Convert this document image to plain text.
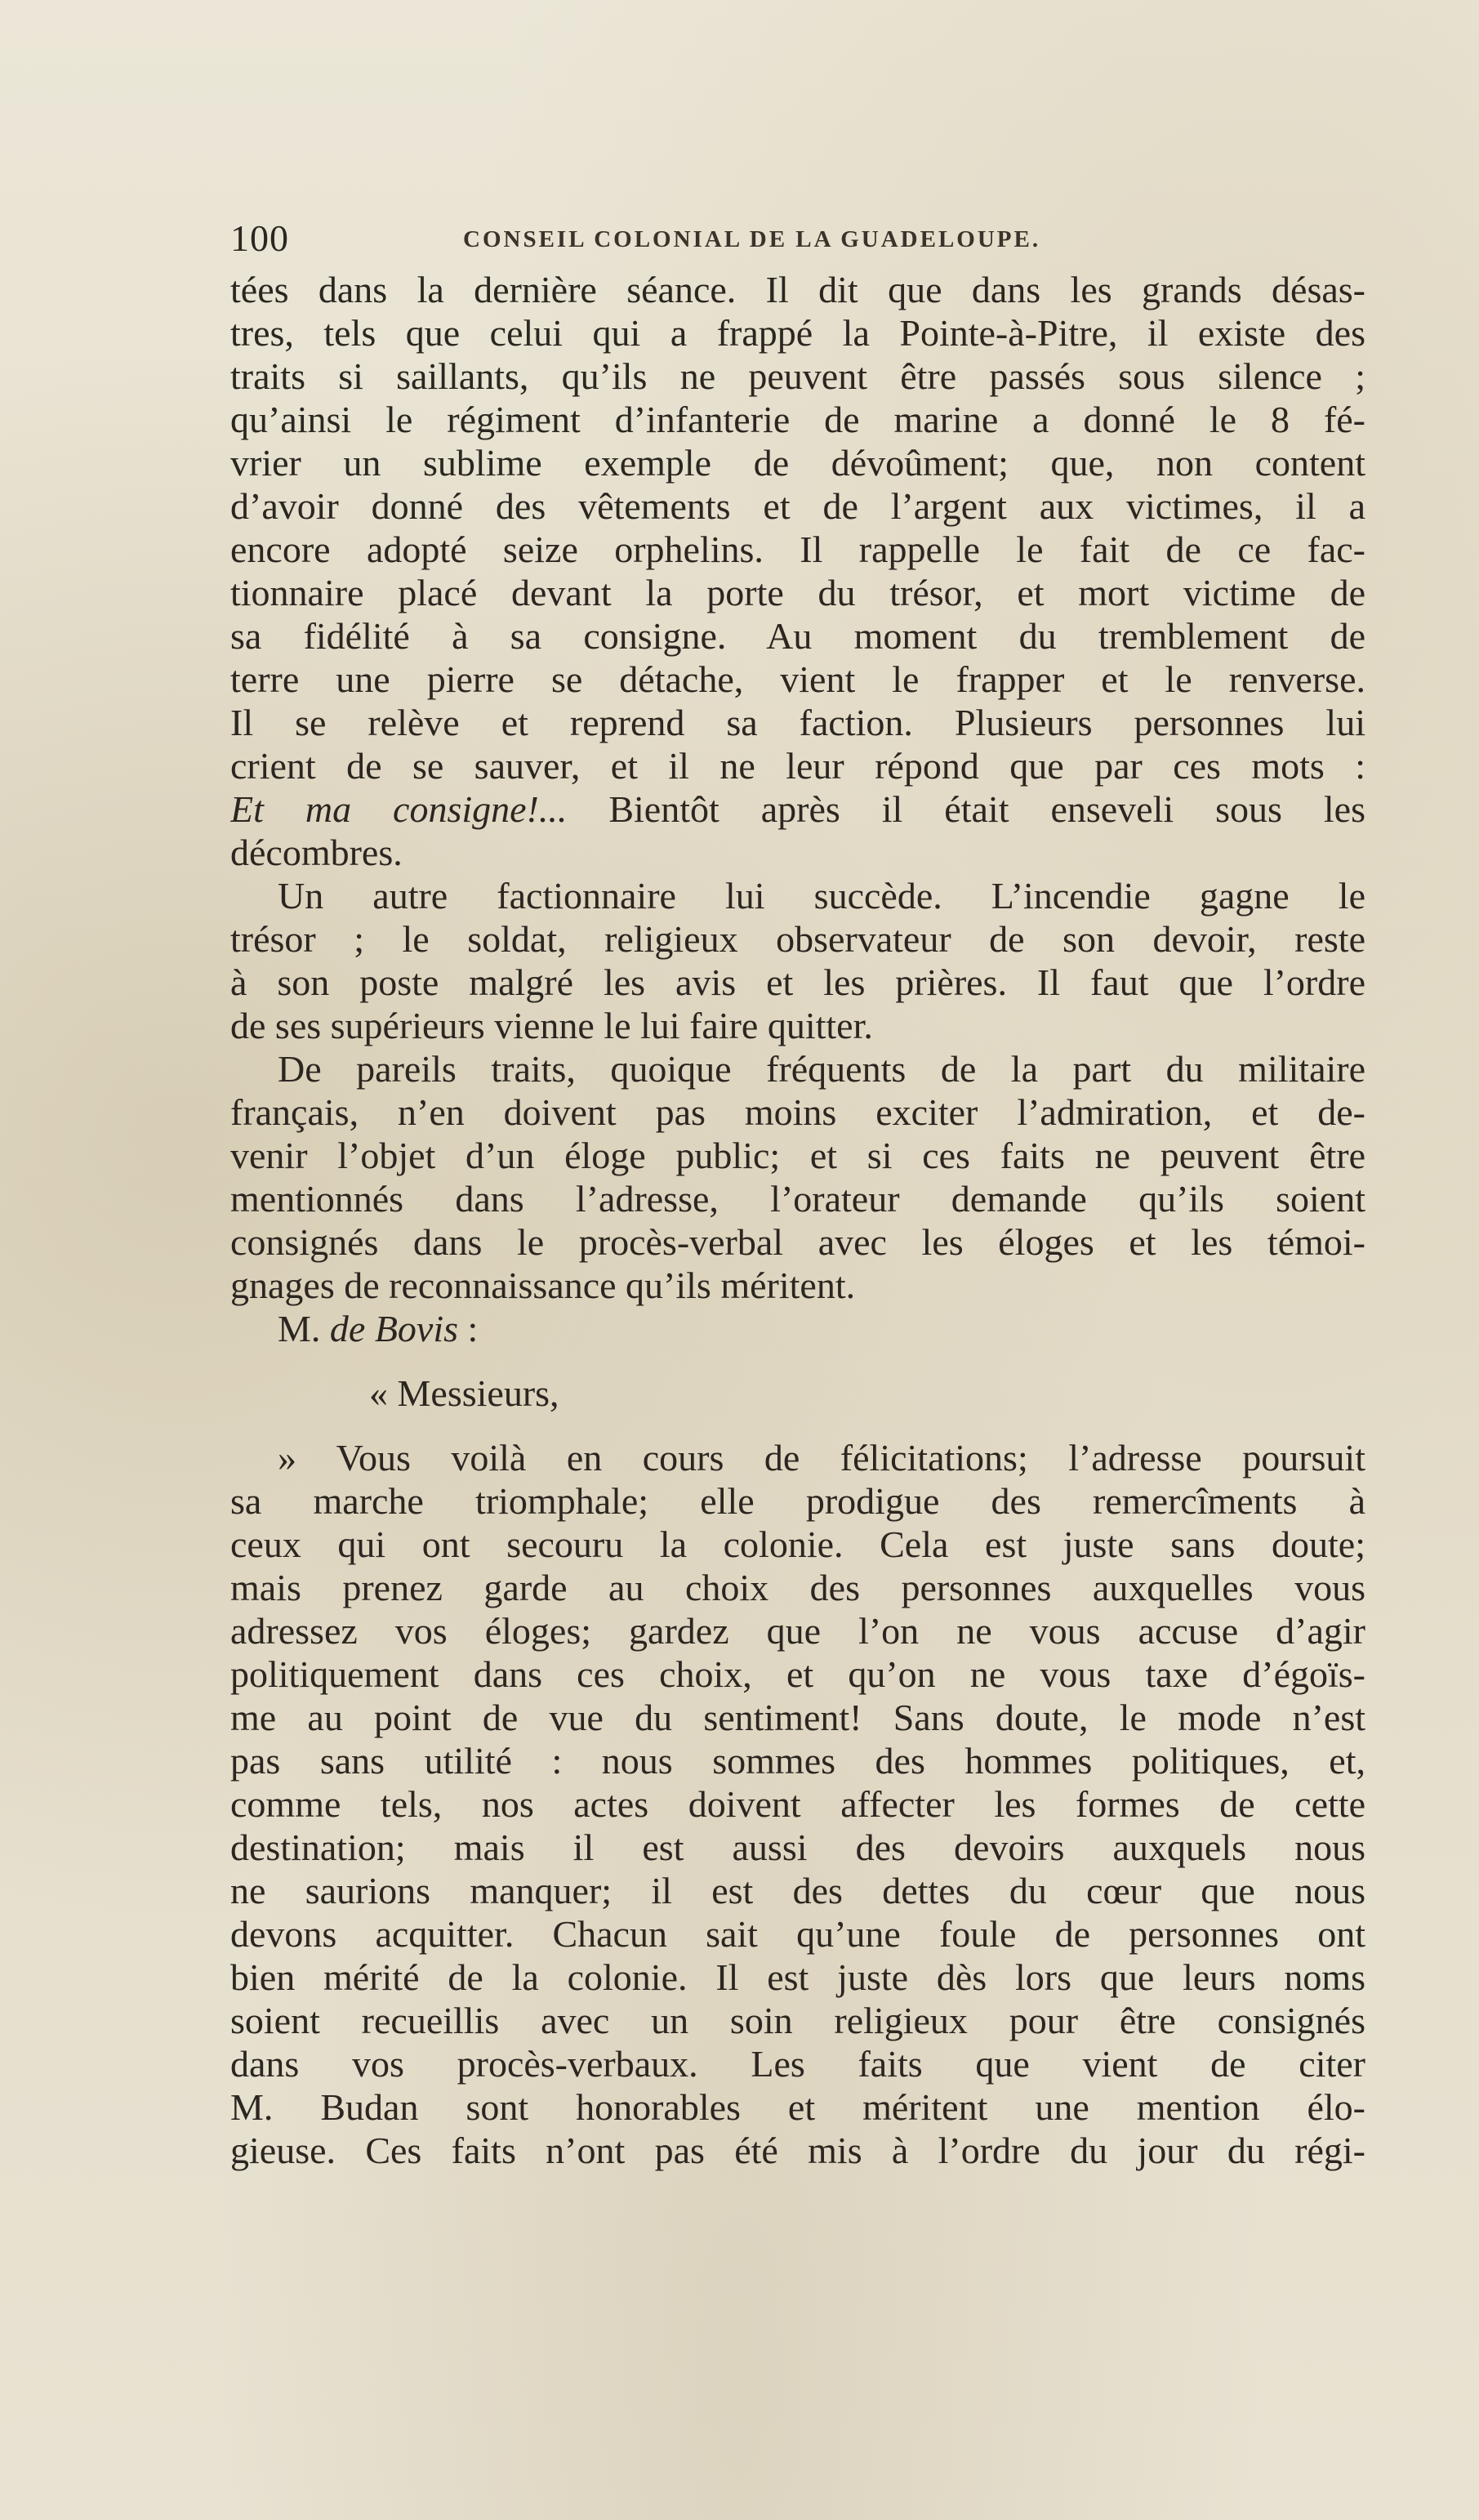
100	CONSEIL COLONIAL DE LA GUADELOUPE.
tées dans la dernière séance. Il dit que dans les grands désas-
tres, tels que celui qui a frappé la Pointe-à-Pitre, il existe des
traits si saillants, qu’ils ne peuvent être passés sous silence ;
qu’ainsi le régiment d’infanterie de marine a donné le 8 fé-
vrier un sublime exemple de dévoûment; que, non content
d’avoir donné des vêtements et de l’argent aux victimes, il a
encore adopté seize orphelins. Il rappelle le fait de ce fac-
tionnaire placé devant la porte du trésor, et mort victime de
sa fidélité à sa consigne. Au moment du tremblement de
terre une pierre se détache, vient le frapper et le renverse.
Il se relève et reprend sa faction. Plusieurs personnes lui
crient de se sauver, et il ne leur répond que par ces mots :
Et ma consigne!... Bientôt après il était enseveli sous les
décombres.
Un autre factionnaire lui succède. L’incendie gagne le
trésor ; le soldat, religieux observateur de son devoir, reste
à son poste malgré les avis et les prières. Il faut que l’ordre
de ses supérieurs vienne le lui faire quitter.
De pareils traits, quoique fréquents de la part du militaire
français, n’en doivent pas moins exciter l’admiration, et de-
venir l’objet d’un éloge public; et si ces faits ne peuvent être
mentionnés dans l’adresse, l’orateur demande qu’ils soient
consignés dans le procès-verbal avec les éloges et les témoi-
gnages de reconnaissance qu’ils méritent.
M. de Bovis :
« Messieurs,
» Vous voilà en cours de félicitations; l’adresse poursuit
sa marche triomphale; elle prodigue des remercîments à
ceux qui ont secouru la colonie. Cela est juste sans doute;
mais prenez garde au choix des personnes auxquelles vous
adressez vos éloges; gardez que l’on ne vous accuse d’agir
politiquement dans ces choix, et qu’on ne vous taxe d’égoïs-
me au point de vue du sentiment! Sans doute, le mode n’est
pas sans utilité : nous sommes des hommes politiques, et,
comme tels, nos actes doivent affecter les formes de cette
destination; mais il est aussi des devoirs auxquels nous
ne saurions manquer; il est des dettes du cœur que nous
devons acquitter. Chacun sait qu’une foule de personnes ont
bien mérité de la colonie. Il est juste dès lors que leurs noms
soient recueillis avec un soin religieux pour être consignés
dans vos procès-verbaux. Les faits que vient de citer
M. Budan sont honorables et méritent une mention élo-
gieuse. Ces faits n’ont pas été mis à l’ordre du jour du régi-
